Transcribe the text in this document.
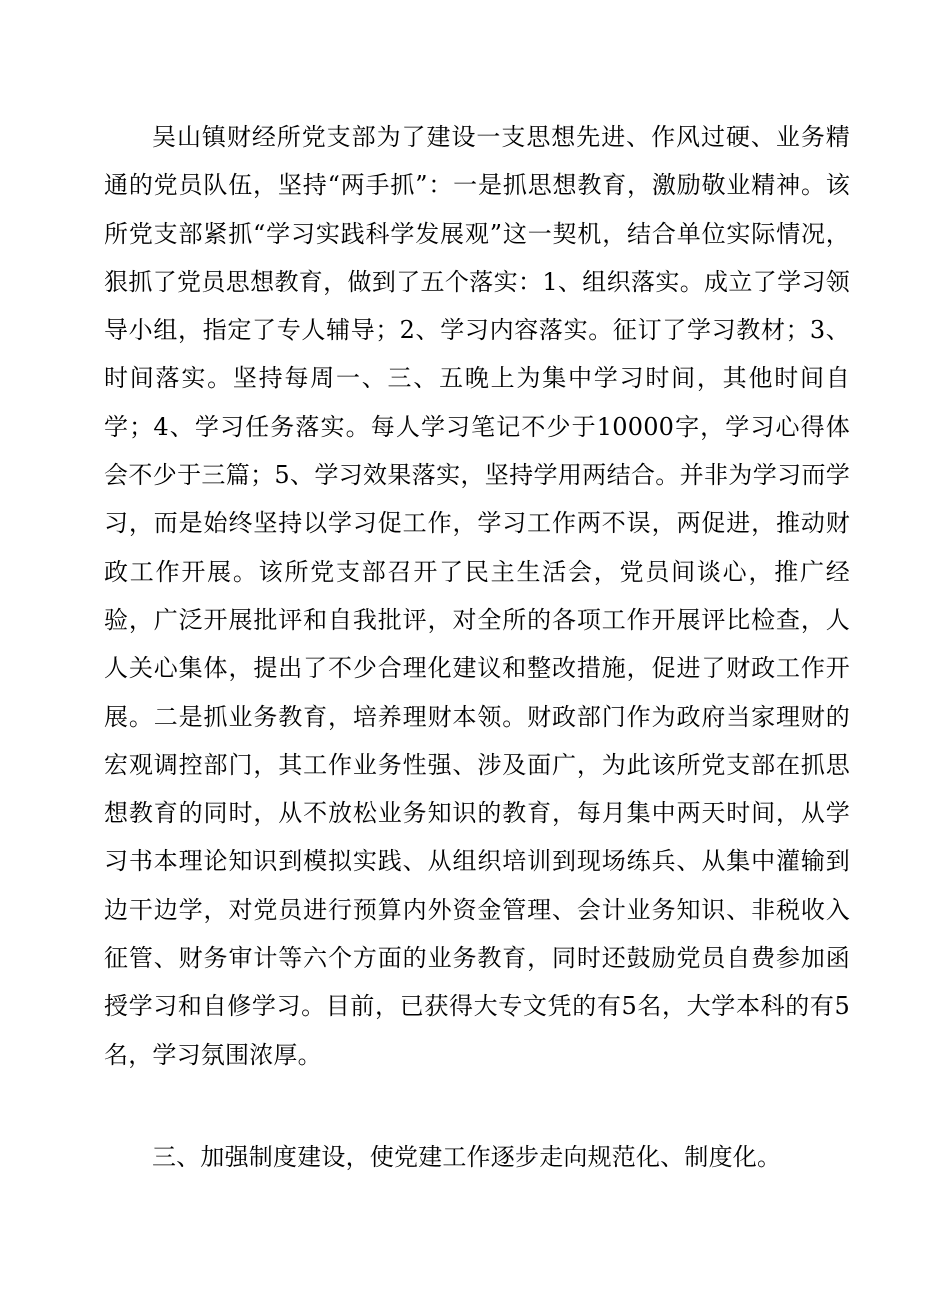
吴山镇财经所党支部为了建设一支思想先进、作风过硬、业务精通的党员队伍，坚持“两手抓”：一是抓思想教育，激励敬业精神。该所党支部紧抓“学习实践科学发展观”这一契机，结合单位实际情况，狠抓了党员思想教育，做到了五个落实：1、组织落实。成立了学习领导小组，指定了专人辅导；2、学习内容落实。征订了学习教材；3、时间落实。坚持每周一、三、五晚上为集中学习时间，其他时间自学；4、学习任务落实。每人学习笔记不少于10000字，学习心得体会不少于三篇；5、学习效果落实，坚持学用两结合。并非为学习而学习，而是始终坚持以学习促工作，学习工作两不误，两促进，推动财政工作开展。该所党支部召开了民主生活会，党员间谈心，推广经验，广泛开展批评和自我批评，对全所的各项工作开展评比检查，人人关心集体，提出了不少合理化建议和整改措施，促进了财政工作开展。二是抓业务教育，培养理财本领。财政部门作为政府当家理财的宏观调控部门，其工作业务性强、涉及面广，为此该所党支部在抓思想教育的同时，从不放松业务知识的教育，每月集中两天时间，从学习书本理论知识到模拟实践、从组织培训到现场练兵、从集中灌输到边干边学，对党员进行预算内外资金管理、会计业务知识、非税收入征管、财务审计等六个方面的业务教育，同时还鼓励党员自费参加函授学习和自修学习。目前，已获得大专文凭的有5名，大学本科的有5名，学习氛围浓厚。

三、加强制度建设，使党建工作逐步走向规范化、制度化。
